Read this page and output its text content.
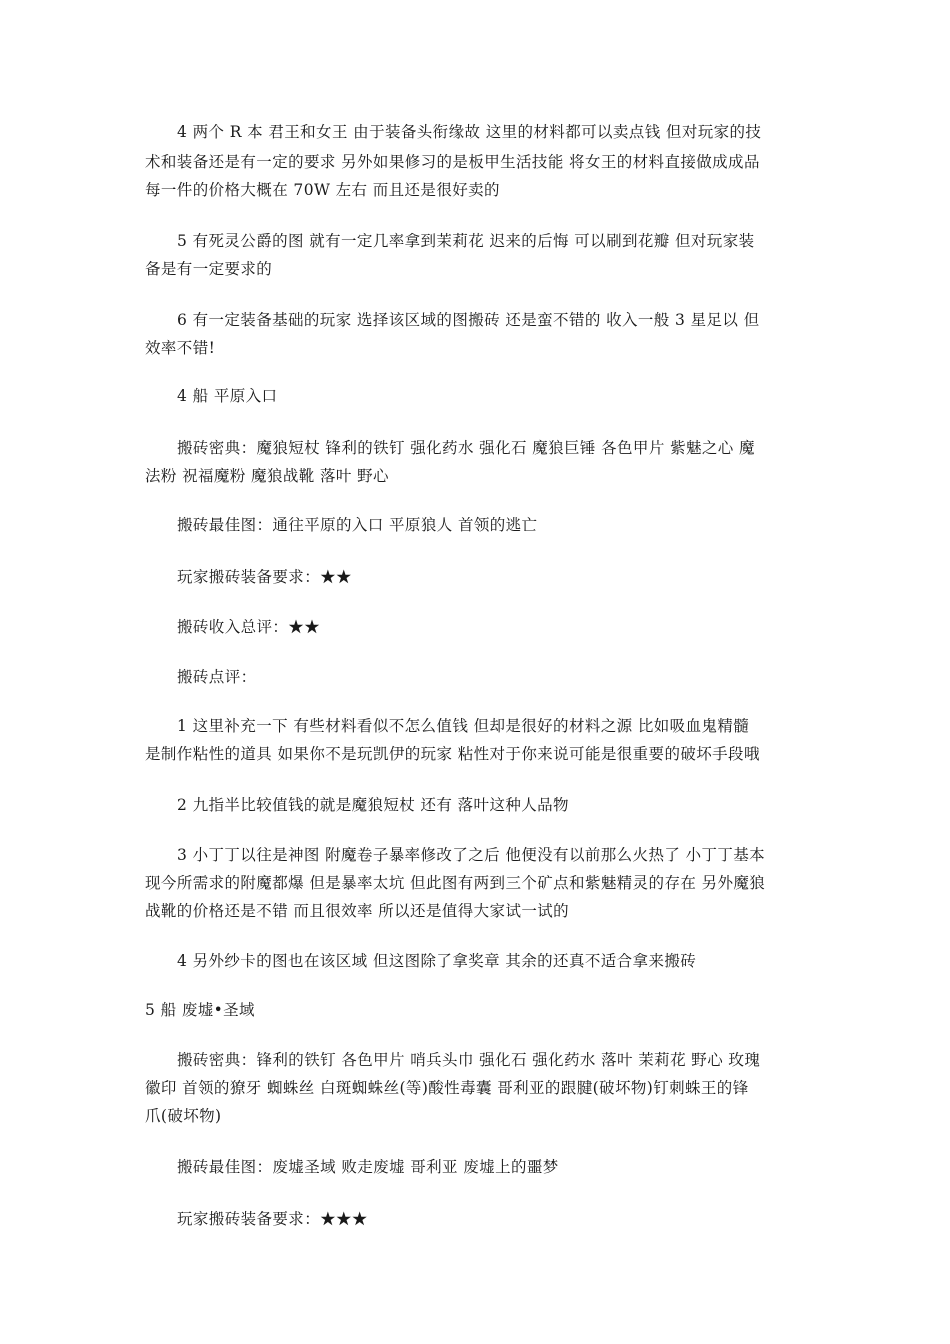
4 两个 R 本 君王和女王 由于装备头衔缘故 这里的材料都可以卖点钱 但对玩家的技
术和装备还是有一定的要求 另外如果修习的是板甲生活技能 将女王的材料直接做成成品
每一件的价格大概在 70W 左右 而且还是很好卖的
5 有死灵公爵的图 就有一定几率拿到茉莉花 迟来的后悔 可以刷到花瓣 但对玩家装
备是有一定要求的
6 有一定装备基础的玩家 选择该区域的图搬砖 还是蛮不错的 收入一般 3 星足以 但
效率不错!
4 船 平原入口
搬砖密典：魔狼短杖 锋利的铁钉 强化药水 强化石 魔狼巨锤 各色甲片 紫魅之心 魔
法粉 祝福魔粉 魔狼战靴 落叶 野心
搬砖最佳图：通往平原的入口 平原狼人 首领的逃亡
玩家搬砖装备要求：★★
搬砖收入总评：★★
搬砖点评：
1 这里补充一下 有些材料看似不怎么值钱 但却是很好的材料之源 比如吸血鬼精髓
是制作粘性的道具 如果你不是玩凯伊的玩家 粘性对于你来说可能是很重要的破坏手段哦
2 九指半比较值钱的就是魔狼短杖 还有 落叶这种人品物
3 小丁丁以往是神图 附魔卷子暴率修改了之后 他便没有以前那么火热了 小丁丁基本
现今所需求的附魔都爆 但是暴率太坑 但此图有两到三个矿点和紫魅精灵的存在 另外魔狼
战靴的价格还是不错 而且很效率 所以还是值得大家试一试的
4 另外纱卡的图也在该区域 但这图除了拿奖章 其余的还真不适合拿来搬砖
5 船 废墟•圣域
搬砖密典：锋利的铁钉 各色甲片 哨兵头巾 强化石 强化药水 落叶 茉莉花 野心 玫瑰
徽印 首领的獠牙 蜘蛛丝 白斑蜘蛛丝(等)酸性毒囊 哥利亚的跟腱(破坏物)钉刺蛛王的锋
爪(破坏物)
搬砖最佳图：废墟圣域 败走废墟 哥利亚 废墟上的噩梦
玩家搬砖装备要求：★★★
